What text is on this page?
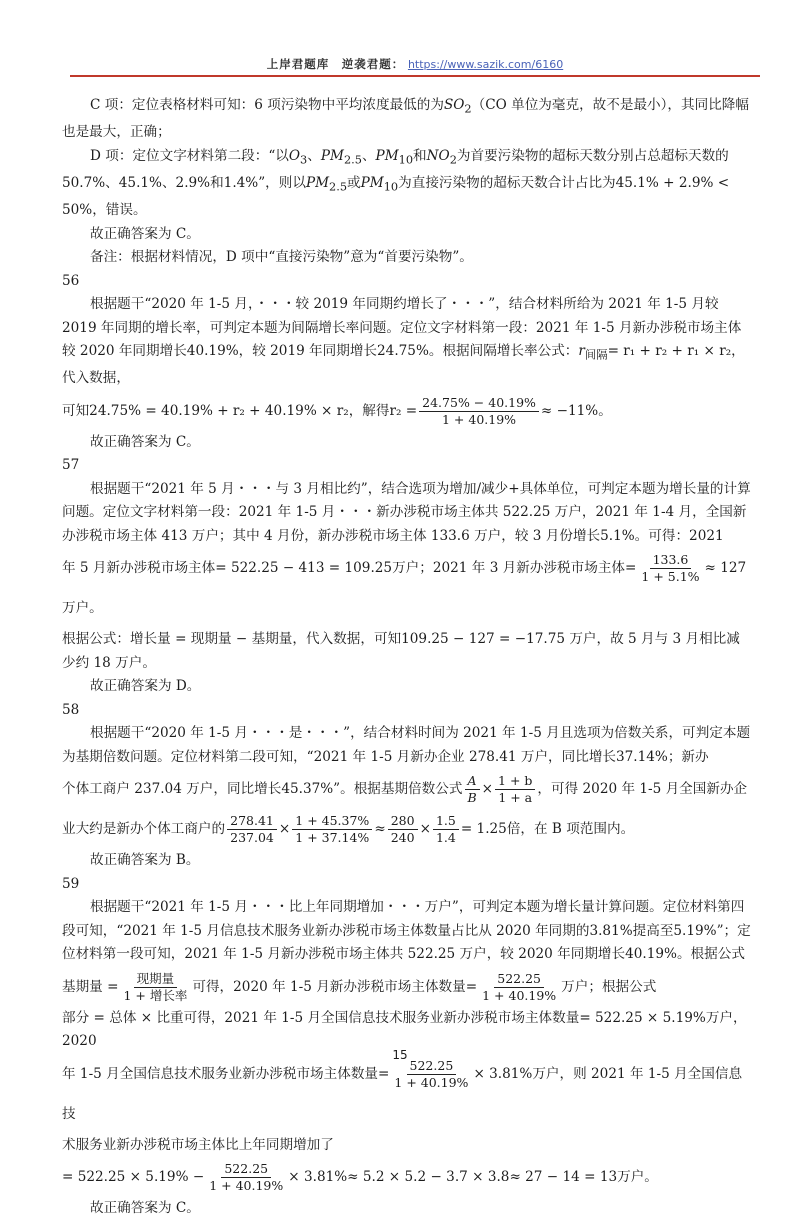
上岸君题库　逆袭君题： https://www.sazik.com/6160

C 项：定位表格材料可知：6 项污染物中平均浓度最低的为$SO_2(CO$ 单位为毫克，故不是最小），其同比降幅也是最大，正确；

D 项：定位文字材料第二段：“以$O_3$、$PM_{2.5}$、$PM_{10}$和$NO_2$为首要污染物的超标天数分别占总超标天数的50.7%、45.1%、2.9%和1.4%”，则以$PM_{2.5}$或$PM_{10}$为直接污染物的超标天数合计占比为45.1% + 2.9% < 50%，错误。

故正确答案为 C。

备注：根据材料情况，D 项中“直接污染物”意为“首要污染物”。

56

根据题干“2020 年 1-5 月，・・・较 2019 年同期约增长了・・・”，结合材料所给为 2021 年 1-5 月较 2019 年同期的增长率，可判定本题为间隔增长率问题。定位文字材料第一段：2021 年 1-5 月新办涉税市场主体较 2020 年同期增长40.19%，较 2019 年同期增长24.75%。根据间隔增长率公式：$r_{间隔}= r_1 + r_2 + r_1 \times r_2$，代入数据，

可知24.75% = 40.19% + r₂ + 40.19% × r₂，解得$r_2 = \frac{24.75\% - 40.19\%}{1 + 40.19\%} \approx -11\%$。

故正确答案为 C。

57

根据题干“2021 年 5 月・・・与 3 月相比约”，结合选项为增加/减少+具体单位，可判定本题为增长量的计算问题。定位文字材料第一段：2021 年 1-5 月・・・新办涉税市场主体共 522.25 万户，2021 年 1-4 月，全国新办涉税市场主体 413 万户；其中 4 月份，新办涉税市场主体 133.6 万户，较 3 月份增长5.1%。可得：2021

年 5 月新办涉税市场主体= 522.25 − 413 = 109.25万户；2021 年 3 月新办涉税市场主体= $\frac{133.6}{1 + 5.1\%} \approx 127$ 万户。

根据公式：增长量 = 现期量 − 基期量，代入数据，可知109.25 − 127 = −17.75 万户，故 5 月与 3 月相比减少约 18 万户。

故正确答案为 D。

58

根据题干“2020 年 1-5 月・・・是・・・”，结合材料时间为 2021 年 1-5 月且选项为倍数关系，可判定本题为基期倍数问题。定位材料第二段可知，“2021 年 1-5 月新办企业 278.41 万户，同比增长37.14%；新办

个体工商户 237.04 万户，同比增长45.37%”。根据基期倍数公式 $\frac{A}{B} \times \frac{1 + b}{1 + a}$ ，可得 2020 年 1-5 月全国新办企

业大约是新办个体工商户的 $\frac{278.41}{237.04} \times \frac{1 + 45.37\%}{1 + 37.14\%} \approx \frac{280}{240} \times \frac{1.5}{1.4} = 1.25$倍，在 B 项范围内。

故正确答案为 B。

59

根据题干“2021 年 1-5 月・・・比上年同期增加・・・万户”，可判定本题为增长量计算问题。定位材料第四段可知，“2021 年 1-5 月信息技术服务业新办涉税市场主体数量占比从 2020 年同期的3.81%提高至5.19%”；定位材料第一段可知，2021 年 1-5 月新办涉税市场主体共 522.25 万户，较 2020 年同期增长40.19%。根据公式

基期量 = $\frac{\text{现期量}}{\text{1 + 增长率}}$ 可得，2020 年 1-5 月新办涉税市场主体数量= $\frac{522.25}{1 + 40.19\%}$ 万户；根据公式

部分 = 总体 × 比重可得，2021 年 1-5 月全国信息技术服务业新办涉税市场主体数量= 522.25 × 5.19%万户，2020

年 1-5 月全国信息技术服务业新办涉税市场主体数量= $\frac{522.25}{1 + 40.19\%} \times 3.81\%$万户，则 2021 年 1-5 月全国信息技

术服务业新办涉税市场主体比上年同期增加了

= $522.25 \times 5.19\% - \frac{522.25}{1 + 40.19\%} \times 3.81\%\approx 5.2 \times 5.2 - 3.7 \times 3.8\approx 27 - 14 = 13$万户。

故正确答案为 C。

15
